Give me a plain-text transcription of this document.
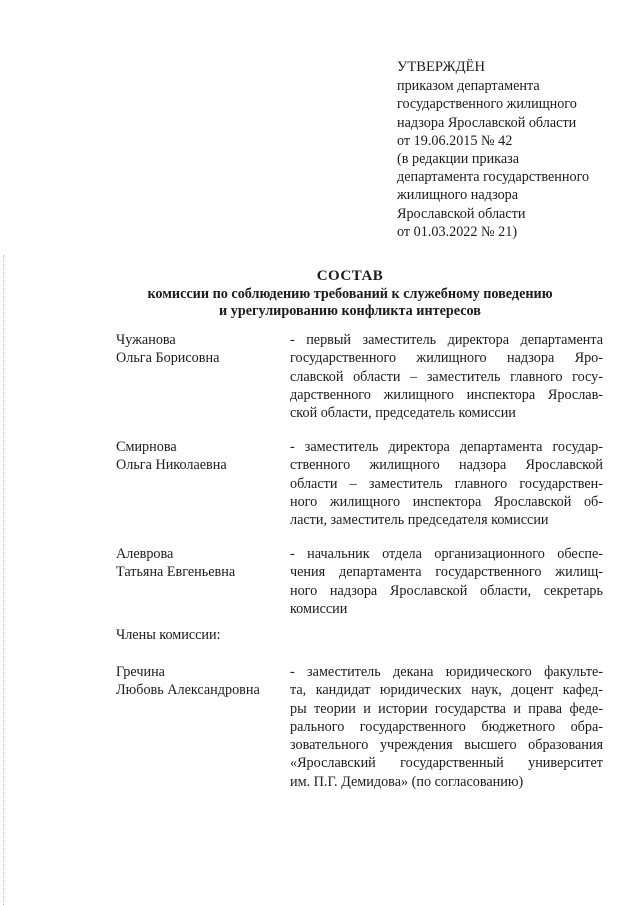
УТВЕРЖДЁН
приказом департамента
государственного жилищного
надзора Ярославской области
от 19.06.2015 № 42
(в редакции приказа
департамента государственного
жилищного надзора
Ярославской области
от 01.03.2022 № 21)
СОСТАВ
комиссии по соблюдению требований к служебному поведению
и урегулированию конфликта интересов
Чужанова
Ольга Борисовна
- первый заместитель директора департамента
государственного жилищного надзора Яро-
славской области – заместитель главного госу-
дарственного жилищного инспектора Ярослав-
ской области, председатель комиссии
Смирнова
Ольга Николаевна
- заместитель директора департамента государ-
ственного жилищного надзора Ярославской
области – заместитель главного государствен-
ного жилищного инспектора Ярославской об-
ласти, заместитель председателя комиссии
Алеврова
Татьяна Евгеньевна
- начальник отдела организационного обеспе-
чения департамента государственного жилищ-
ного надзора Ярославской области, секретарь
комиссии
Члены комиссии:
Гречина
Любовь Александровна
- заместитель декана юридического факульте-
та, кандидат юридических наук, доцент кафед-
ры теории и истории государства и права феде-
рального государственного бюджетного обра-
зовательного учреждения высшего образования
«Ярославский государственный университет
им. П.Г. Демидова» (по согласованию)
